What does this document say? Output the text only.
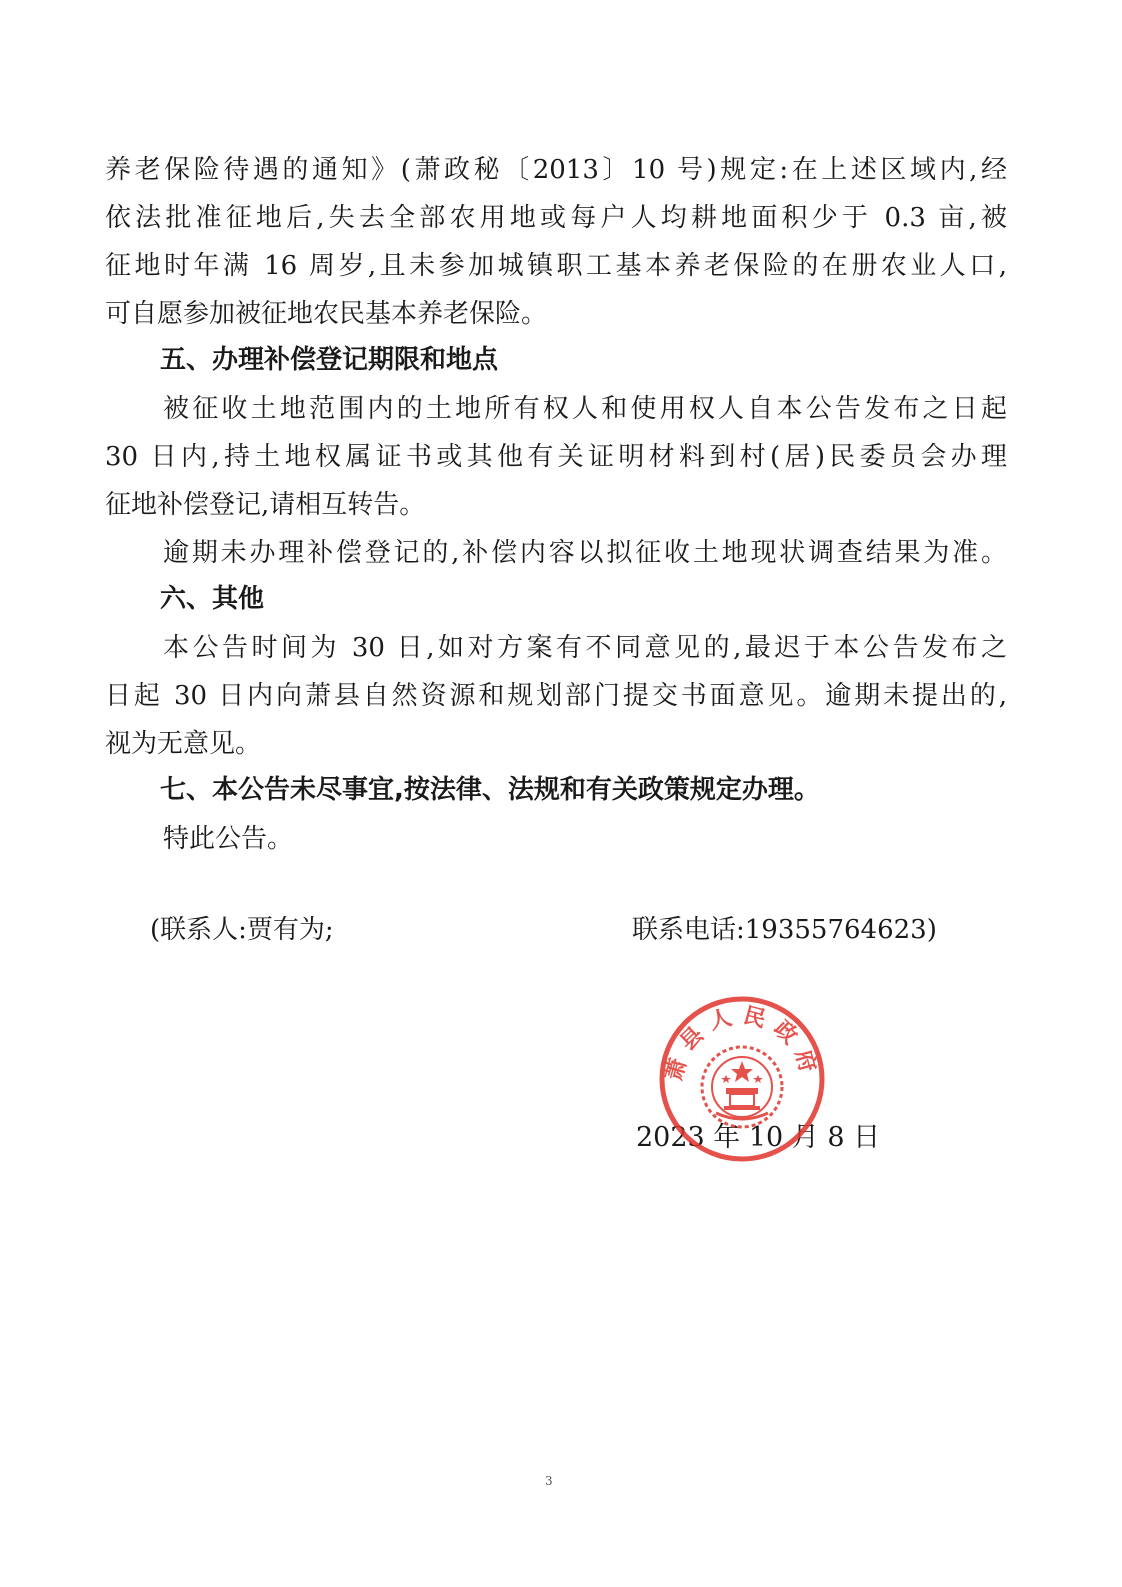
养老保险待遇的通知》(萧政秘〔2013〕10 号)规定:在上述区域内,经
依法批准征地后,失去全部农用地或每户人均耕地面积少于 0.3 亩,被
征地时年满 16 周岁,且未参加城镇职工基本养老保险的在册农业人口,
可自愿参加被征地农民基本养老保险。
五、办理补偿登记期限和地点
被征收土地范围内的土地所有权人和使用权人自本公告发布之日起
30 日内,持土地权属证书或其他有关证明材料到村(居)民委员会办理
征地补偿登记,请相互转告。
逾期未办理补偿登记的,补偿内容以拟征收土地现状调查结果为准。
六、其他
本公告时间为 30 日,如对方案有不同意见的,最迟于本公告发布之
日起 30 日内向萧县自然资源和规划部门提交书面意见。逾期未提出的,
视为无意见。
七、本公告未尽事宜,按法律、法规和有关政策规定办理。
特此公告。
(联系人:贾有为;	联系电话:19355764623)
2023 年 10 月 8 日
萧县人民政府
3
